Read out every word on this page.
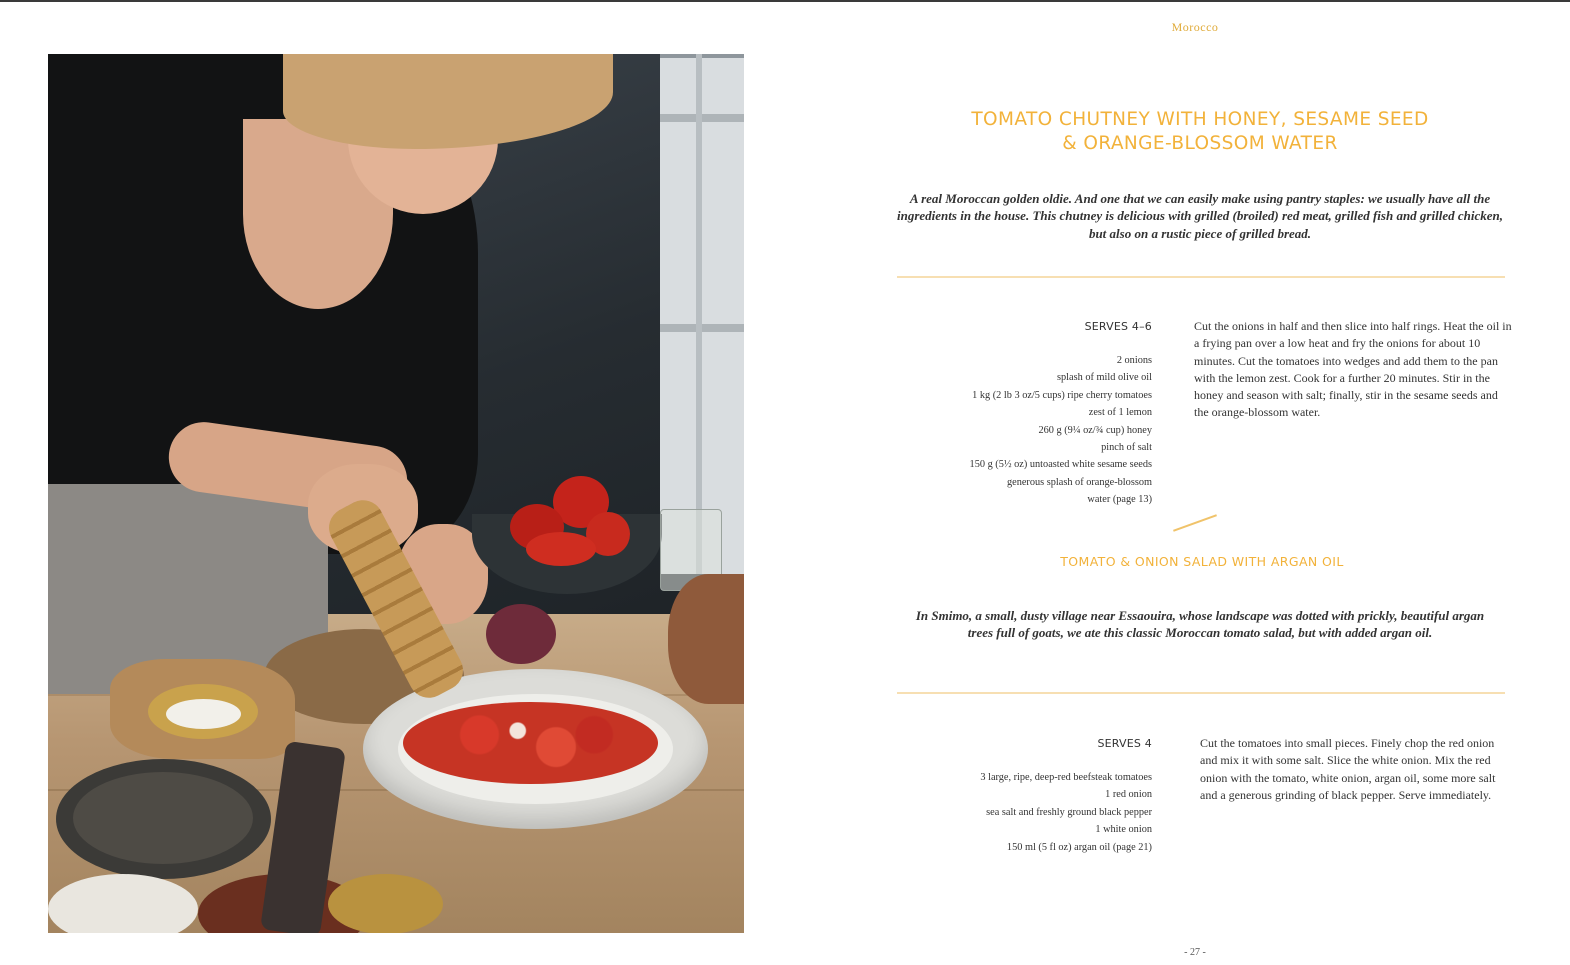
Morocco
TOMATO CHUTNEY WITH HONEY, SESAME SEED
& ORANGE-BLOSSOM WATER
A real Moroccan golden oldie. And one that we can easily make using pantry staples: we usually have all the ingredients in the house. This chutney is delicious with grilled (broiled) red meat, grilled fish and grilled chicken, but also on a rustic piece of grilled bread.
SERVES 4–6
2 onions
splash of mild olive oil
1 kg (2 lb 3 oz/5 cups) ripe cherry tomatoes
zest of 1 lemon
260 g (9¼ oz/¾ cup) honey
pinch of salt
150 g (5½ oz) untoasted white sesame seeds
generous splash of orange-blossom
water (page 13)
Cut the onions in half and then slice into half rings. Heat the oil in a frying pan over a low heat and fry the onions for about 10 minutes. Cut the tomatoes into wedges and add them to the pan with the lemon zest. Cook for a further 20 minutes. Stir in the honey and season with salt; finally, stir in the sesame seeds and the orange-blossom water.
TOMATO & ONION SALAD WITH ARGAN OIL
In Smimo, a small, dusty village near Essaouira, whose landscape was dotted with prickly, beautiful argan trees full of goats, we ate this classic Moroccan tomato salad, but with added argan oil.
SERVES 4
3 large, ripe, deep-red beefsteak tomatoes
1 red onion
sea salt and freshly ground black pepper
1 white onion
150 ml (5 fl oz) argan oil (page 21)
Cut the tomatoes into small pieces. Finely chop the red onion and mix it with some salt. Slice the white onion. Mix the red onion with the tomato, white onion, argan oil, some more salt and a generous grinding of black pepper. Serve immediately.
- 27 -
